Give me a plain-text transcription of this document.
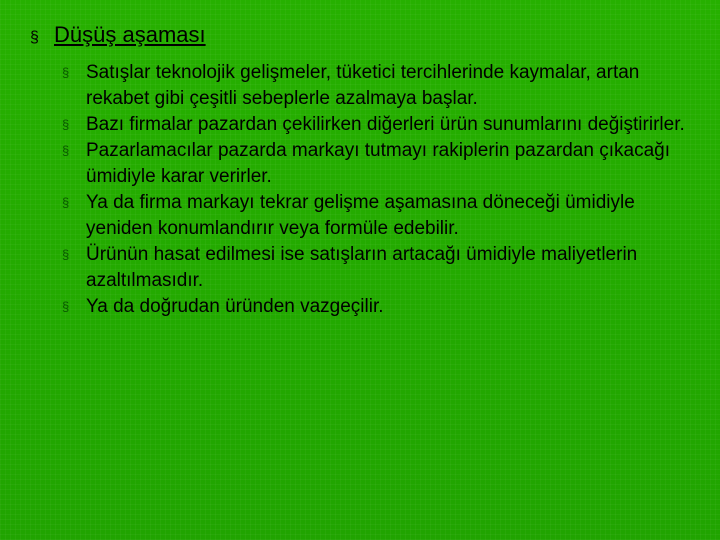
§ Düşüş aşaması
§ Satışlar teknolojik gelişmeler, tüketici tercihlerinde kaymalar, artan rekabet gibi çeşitli sebeplerle azalmaya başlar.
§ Bazı firmalar pazardan çekilirken diğerleri ürün sunumlarını değiştirirler.
§ Pazarlamacılar pazarda markayı tutmayı rakiplerin pazardan çıkacağı ümidiyle karar verirler.
§ Ya da firma markayı tekrar gelişme aşamasına döneceği ümidiyle yeniden konumlandırır veya formüle edebilir.
§ Ürünün hasat edilmesi ise satışların artacağı ümidiyle maliyetlerin azaltılmasıdır.
§ Ya da doğrudan üründen vazgeçilir.
